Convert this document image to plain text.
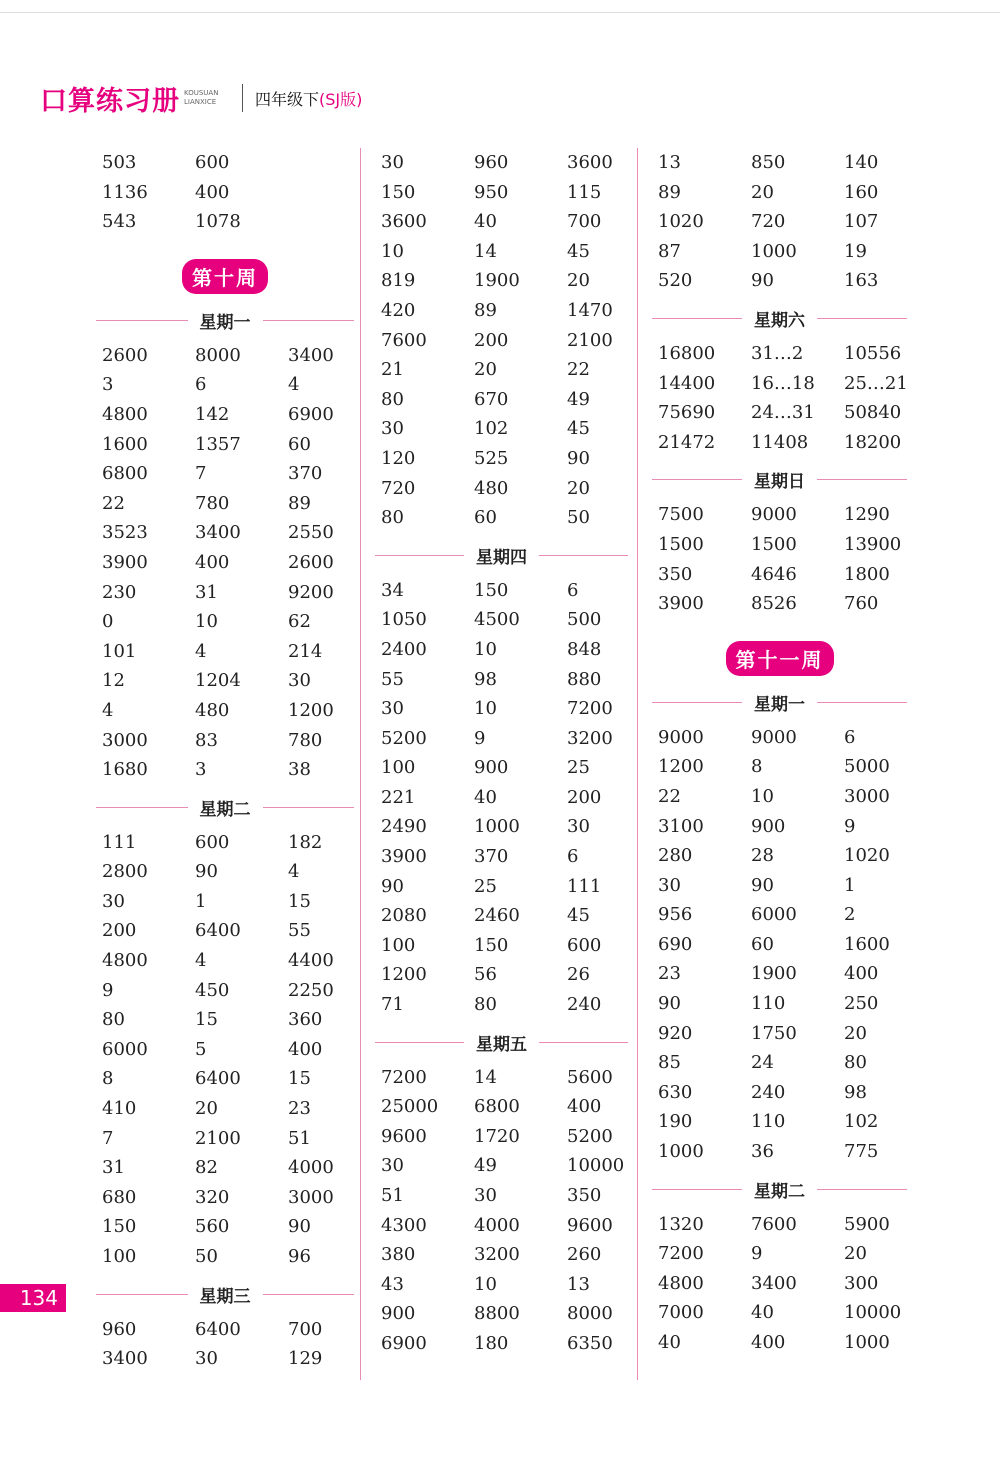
口算练习册 KOUSUAN LIANXICE	四年级下 (SJ版)
503	600
1136	400
543	1078
第十周
星期一
2600	8000	3400
3	6	4
4800	142	6900
1600	1357	60
6800	7	370
22	780	89
3523	3400	2550
3900	400	2600
230	31	9200
0	10	62
101	4	214
12	1204	30
4	480	1200
3000	83	780
1680	3	38
星期二
111	600	182
2800	90	4
30	1	15
200	6400	55
4800	4	4400
9	450	2250
80	15	360
6000	5	400
8	6400	15
410	20	23
7	2100	51
31	82	4000
680	320	3000
150	560	90
100	50	96
星期三
960	6400	700
3400	30	129
30	960	3600
150	950	115
3600	40	700
10	14	45
819	1900	20
420	89	1470
7600	200	2100
21	20	22
80	670	49
30	102	45
120	525	90
720	480	20
80	60	50
星期四
34	150	6
1050	4500	500
2400	10	848
55	98	880
30	10	7200
5200	9	3200
100	900	25
221	40	200
2490	1000	30
3900	370	6
90	25	111
2080	2460	45
100	150	600
1200	56	26
71	80	240
星期五
7200	14	5600
25000	6800	400
9600	1720	5200
30	49	10000
51	30	350
4300	4000	9600
380	3200	260
43	10	13
900	8800	8000
6900	180	6350
13	850	140
89	20	160
1020	720	107
87	1000	19
520	90	163
星期六
16800	31…2	10556
14400	16…18	25…21
75690	24…31	50840
21472	11408	18200
星期日
7500	9000	1290
1500	1500	13900
350	4646	1800
3900	8526	760
第十一周
星期一
9000	9000	6
1200	8	5000
22	10	3000
3100	900	9
280	28	1020
30	90	1
956	6000	2
690	60	1600
23	1900	400
90	110	250
920	1750	20
85	24	80
630	240	98
190	110	102
1000	36	775
星期二
1320	7600	5900
7200	9	20
4800	3400	300
7000	40	10000
40	400	1000
134
